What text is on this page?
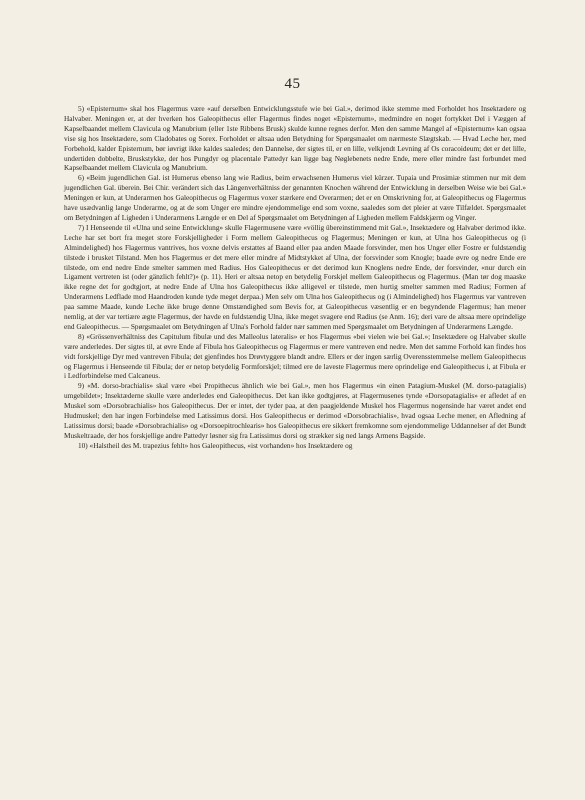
45

5) «Episternum» skal hos Flagermus være «auf derselben Entwicklungsstufe wie bei Gal.», derimod ikke stemme med Forholdet hos Insektædere og Halvaber. Meningen er, at der hverken hos Galeopithecus eller Flagermus findes noget «Episternum», medmindre en noget fortykket Del i Væggen af Kapselbaandet mellem Clavicula og Manubrium (eller 1ste Ribbens Brusk) skulde kunne regnes derfor. Men den samme Mangel af «Episternum» kan ogsaa vise sig hos Insektædere, som Cladobates og Sorex. Forholdet er altsaa uden Betydning for Spørgsmaalet om nærmeste Slægtskab. — Hvad Leche her, med Forbehold, kalder Episternum, bør iøvrigt ikke kaldes saaledes; den Dannelse, der sigtes til, er en lille, velkjendt Levning af Os coracoideum; det er det lille, undertiden dobbelte, Bruskstykke, der hos Pungdyr og placentale Pattedyr kan ligge bag Nøglebenets nedre Ende, mere eller mindre fast forbundet med Kapselbaandet mellem Clavicula og Manubrium.

6) «Beim jugendlichen Gal. ist Humerus ebenso lang wie Radius, beim erwachsenen Humerus viel kürzer. Tupaia und Prosimiæ stimmen nur mit dem jugendlichen Gal. überein. Bei Chir. verändert sich das Längenverhältniss der genannten Knochen während der Entwicklung in derselben Weise wie bei Gal.» Meningen er kun, at Underarmen hos Galeopithecus og Flagermus voxer stærkere end Overarmen; det er en Omskrivning for, at Galeopithecus og Flagermus have usædvanlig lange Underarme, og at de som Unger ere mindre ejendommelige end som voxne, saaledes som det pleier at være Tilfældet. Spørgsmaalet om Betydningen af Ligheden i Underarmens Længde er en Del af Spørgsmaalet om Betydningen af Ligheden mellem Faldskjærm og Vinger.

7) I Henseende til «Ulna und seine Entwicklung» skulle Flagermusene være «völlig übereinstimmend mit Gal.», Insektædere og Halvaber derimod ikke. Leche har set bort fra meget store Forskjelligheder i Form mellem Galeopithecus og Flagermus; Meningen er kun, at Ulna hos Galeopithecus og (i Almindelighed) hos Flagermus vantrives, hos voxne delvis erstattes af Baand eller paa anden Maade forsvinder, men hos Unger eller Fostre er fuldstændig tilstede i brusket Tilstand. Men hos Flagermus er det mere eller mindre af Midtstykket af Ulna, der forsvinder som Knogle; baade øvre og nedre Ende ere tilstede, om end nedre Ende smelter sammen med Radius. Hos Galeopithecus er det derimod kun Knoglens nedre Ende, der forsvinder, «nur durch ein Ligament vertreten ist (oder gänzlich fehlt?)» (p. 11). Heri er altsaa netop en betydelig Forskjel mellem Galeopithecus og Flagermus. (Man tør dog maaske ikke regne det for godtgjort, at nedre Ende af Ulna hos Galeopithecus ikke alligevel er tilstede, men hurtig smelter sammen med Radius; Formen af Underarmens Ledflade mod Haandroden kunde tyde meget derpaa.) Men selv om Ulna hos Galeopithecus og (i Almindelighed) hos Flagermus var vantreven paa samme Maade, kunde Leche ikke bruge denne Omstændighed som Bevis for, at Galeopithecus væsentlig er en begyndende Flagermus; han mener nemlig, at der var tertiære ægte Flagermus, der havde en fuldstændig Ulna, ikke meget svagere end Radius (se Anm. 16); deri vare de altsaa mere oprindelige end Galeopithecus. — Spørgsmaalet om Betydningen af Ulna's Forhold falder nær sammen med Spørgsmaalet om Betydningen af Underarmens Længde.

8) «Grössenverhältniss des Capitulum fibulæ und des Malleolus lateralis» er hos Flagermus «bei vielen wie bei Gal.»; Insektædere og Halvaber skulle være anderledes. Der sigtes til, at øvre Ende af Fibula hos Galeopithecus og Flagermus er mere vantreven end nedre. Men det samme Forhold kan findes hos vidt forskjellige Dyr med vantreven Fibula; det gjenfindes hos Drøvtyggere blandt andre. Ellers er der ingen særlig Overensstemmelse mellem Galeopithecus og Flagermus i Henseende til Fibula; der er netop betydelig Formforskjel; tilmed ere de laveste Flagermus mere oprindelige end Galeopithecus i, at Fibula er i Ledforbindelse med Calcaneus.

9) «M. dorso-brachialis» skal være «bei Propithecus ähnlich wie bei Gal.», men hos Flagermus «in einen Patagium-Muskel (M. dorso-patagialis) umgebildet»; Insektæderne skulle være anderledes end Galeopithecus. Det kan ikke godtgjøres, at Flagermusenes tynde «Dorsopatagialis» er afledet af en Muskel som «Dorsobrachialis» hos Galeopithecus. Der er intet, der tyder paa, at den paagjeldende Muskel hos Flagermus nogensinde har været andet end Hudmuskel; den har ingen Forbindelse med Latissimus dorsi. Hos Galeopithecus er derimod «Dorsobrachialis», hvad ogsaa Leche mener, en Afledning af Latissimus dorsi; baade «Dorsobrachialis» og «Dorsoepitrochlearis» hos Galeopithecus ere sikkert fremkomne som ejendommelige Uddannelser af det Bundt Muskeltraade, der hos forskjellige andre Pattedyr løsner sig fra Latissimus dorsi og strækker sig ned langs Armens Bagside.

10) «Halstheil des M. trapezius fehlt» hos Galeopithecus, «ist vorhanden» hos Insektædere og
